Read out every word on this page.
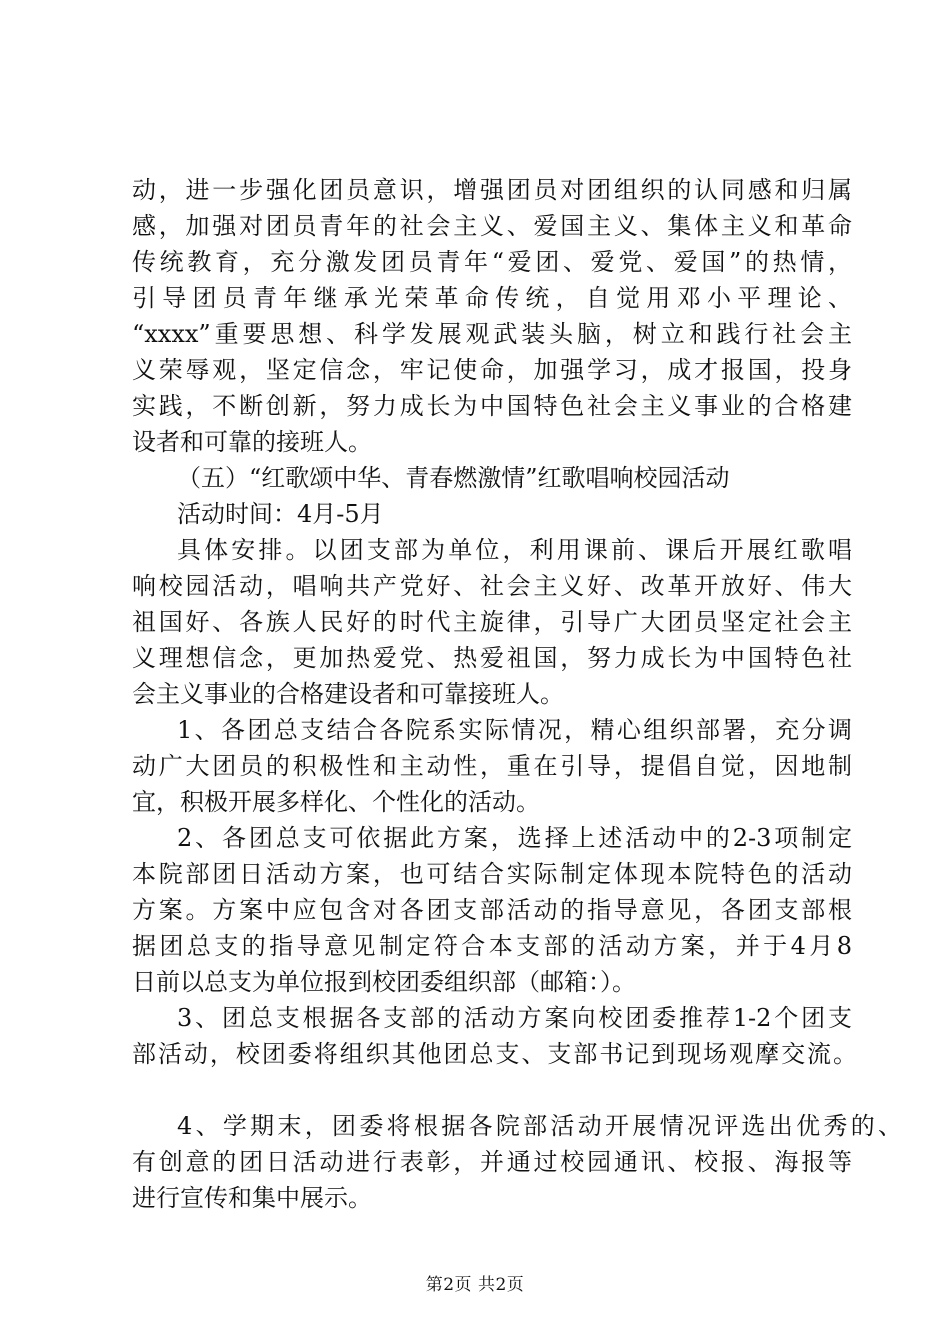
动，进一步强化团员意识，增强团员对团组织的认同感和归属
感，加强对团员青年的社会主义、爱国主义、集体主义和革命
传统教育，充分激发团员青年“爱团、爱党、爱国”的热情，
引导团员青年继承光荣革命传统，自觉用邓小平理论、
“xxxx”重要思想、科学发展观武装头脑，树立和践行社会主
义荣辱观，坚定信念，牢记使命，加强学习，成才报国，投身
实践，不断创新，努力成长为中国特色社会主义事业的合格建
设者和可靠的接班人。
（五）“红歌颂中华、青春燃激情”红歌唱响校园活动
活动时间：4月-5月
具体安排。以团支部为单位，利用课前、课后开展红歌唱
响校园活动，唱响共产党好、社会主义好、改革开放好、伟大
祖国好、各族人民好的时代主旋律，引导广大团员坚定社会主
义理想信念，更加热爱党、热爱祖国，努力成长为中国特色社
会主义事业的合格建设者和可靠接班人。
1、各团总支结合各院系实际情况，精心组织部署，充分调
动广大团员的积极性和主动性，重在引导，提倡自觉，因地制
宜，积极开展多样化、个性化的活动。
2、各团总支可依据此方案，选择上述活动中的2-3项制定
本院部团日活动方案，也可结合实际制定体现本院特色的活动
方案。方案中应包含对各团支部活动的指导意见，各团支部根
据团总支的指导意见制定符合本支部的活动方案，并于4月8
日前以总支为单位报到校团委组织部（邮箱：）。
3、团总支根据各支部的活动方案向校团委推荐1-2个团支
部活动，校团委将组织其他团总支、支部书记到现场观摩交流。
4、学期末，团委将根据各院部活动开展情况评选出优秀的、
有创意的团日活动进行表彰，并通过校园通讯、校报、海报等
进行宣传和集中展示。
第2页 共2页
